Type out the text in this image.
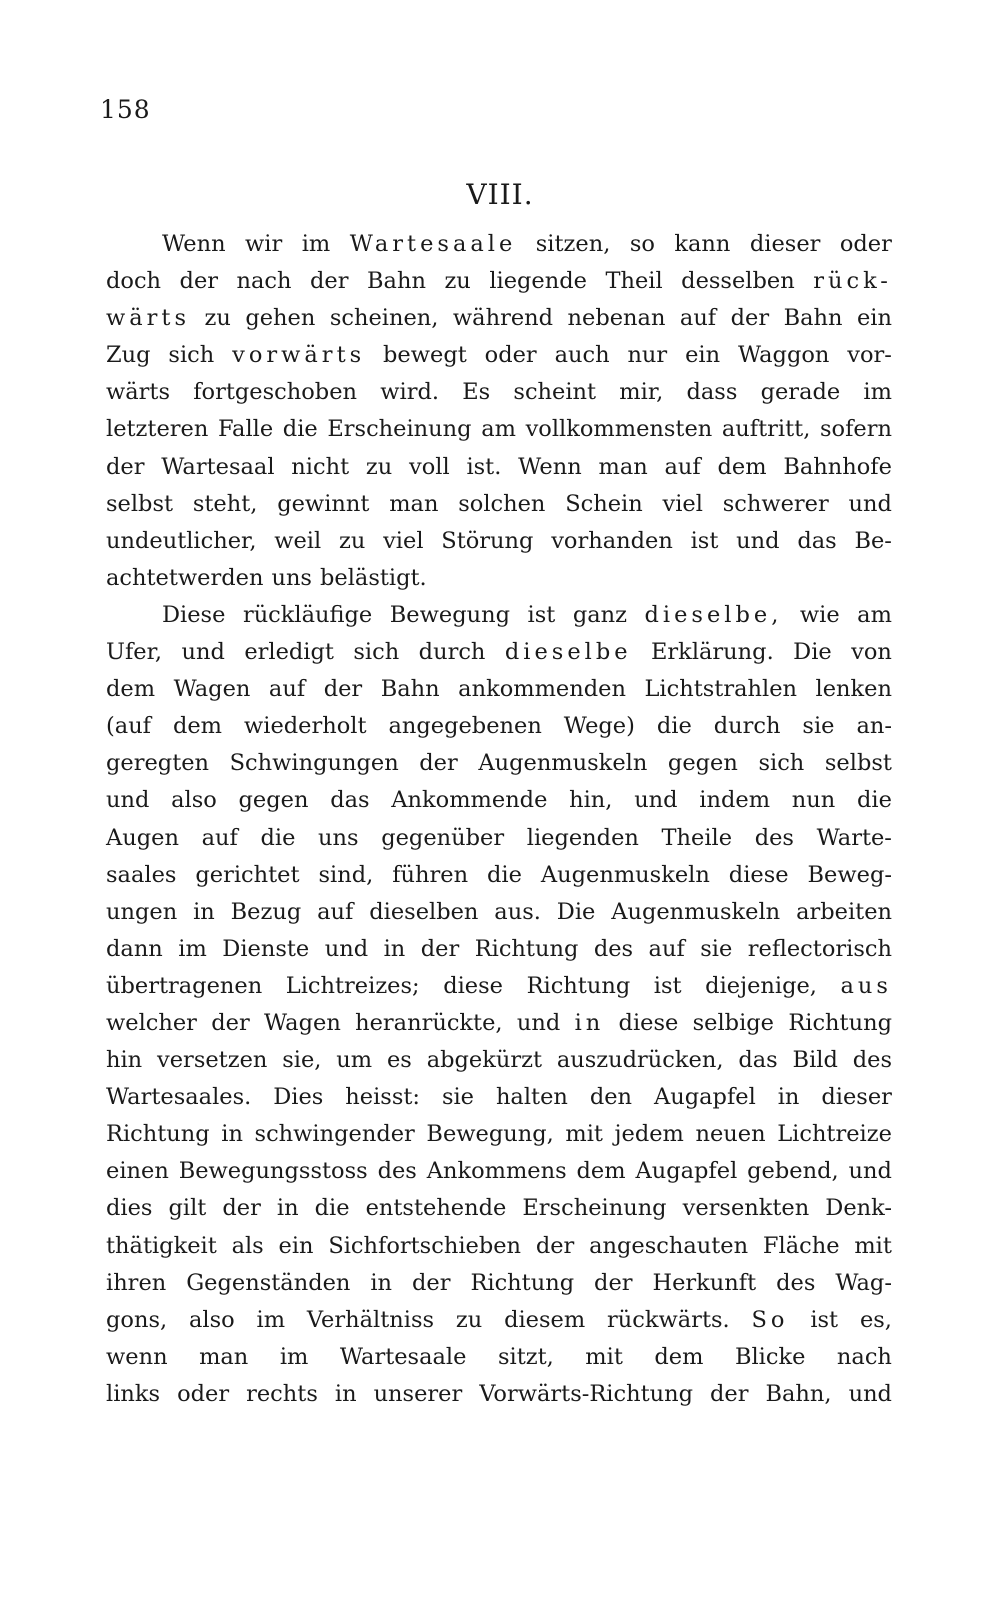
158
VIII.
Wenn wir im Wartesaale sitzen, so kann dieser oder
doch der nach der Bahn zu liegende Theil desselben rück-
wärts zu gehen scheinen, während nebenan auf der Bahn ein
Zug sich vorwärts bewegt oder auch nur ein Waggon vor-
wärts fortgeschoben wird. Es scheint mir, dass gerade im
letzteren Falle die Erscheinung am vollkommensten auftritt, sofern
der Wartesaal nicht zu voll ist. Wenn man auf dem Bahnhofe
selbst steht, gewinnt man solchen Schein viel schwerer und
undeutlicher, weil zu viel Störung vorhanden ist und das Be-
achtetwerden uns belästigt.
Diese rückläufige Bewegung ist ganz dieselbe, wie am
Ufer, und erledigt sich durch dieselbe Erklärung. Die von
dem Wagen auf der Bahn ankommenden Lichtstrahlen lenken
(auf dem wiederholt angegebenen Wege) die durch sie an-
geregten Schwingungen der Augenmuskeln gegen sich selbst
und also gegen das Ankommende hin, und indem nun die
Augen auf die uns gegenüber liegenden Theile des Warte-
saales gerichtet sind, führen die Augenmuskeln diese Beweg-
ungen in Bezug auf dieselben aus. Die Augenmuskeln arbeiten
dann im Dienste und in der Richtung des auf sie reflectorisch
übertragenen Lichtreizes; diese Richtung ist diejenige, aus
welcher der Wagen heranrückte, und in diese selbige Richtung
hin versetzen sie, um es abgekürzt auszudrücken, das Bild des
Wartesaales. Dies heisst: sie halten den Augapfel in dieser
Richtung in schwingender Bewegung, mit jedem neuen Lichtreize
einen Bewegungsstoss des Ankommens dem Augapfel gebend, und
dies gilt der in die entstehende Erscheinung versenkten Denk-
thätigkeit als ein Sichfortschieben der angeschauten Fläche mit
ihren Gegenständen in der Richtung der Herkunft des Wag-
gons, also im Verhältniss zu diesem rückwärts. So ist es,
wenn man im Wartesaale sitzt, mit dem Blicke nach
links oder rechts in unserer Vorwärts-Richtung der Bahn, und
